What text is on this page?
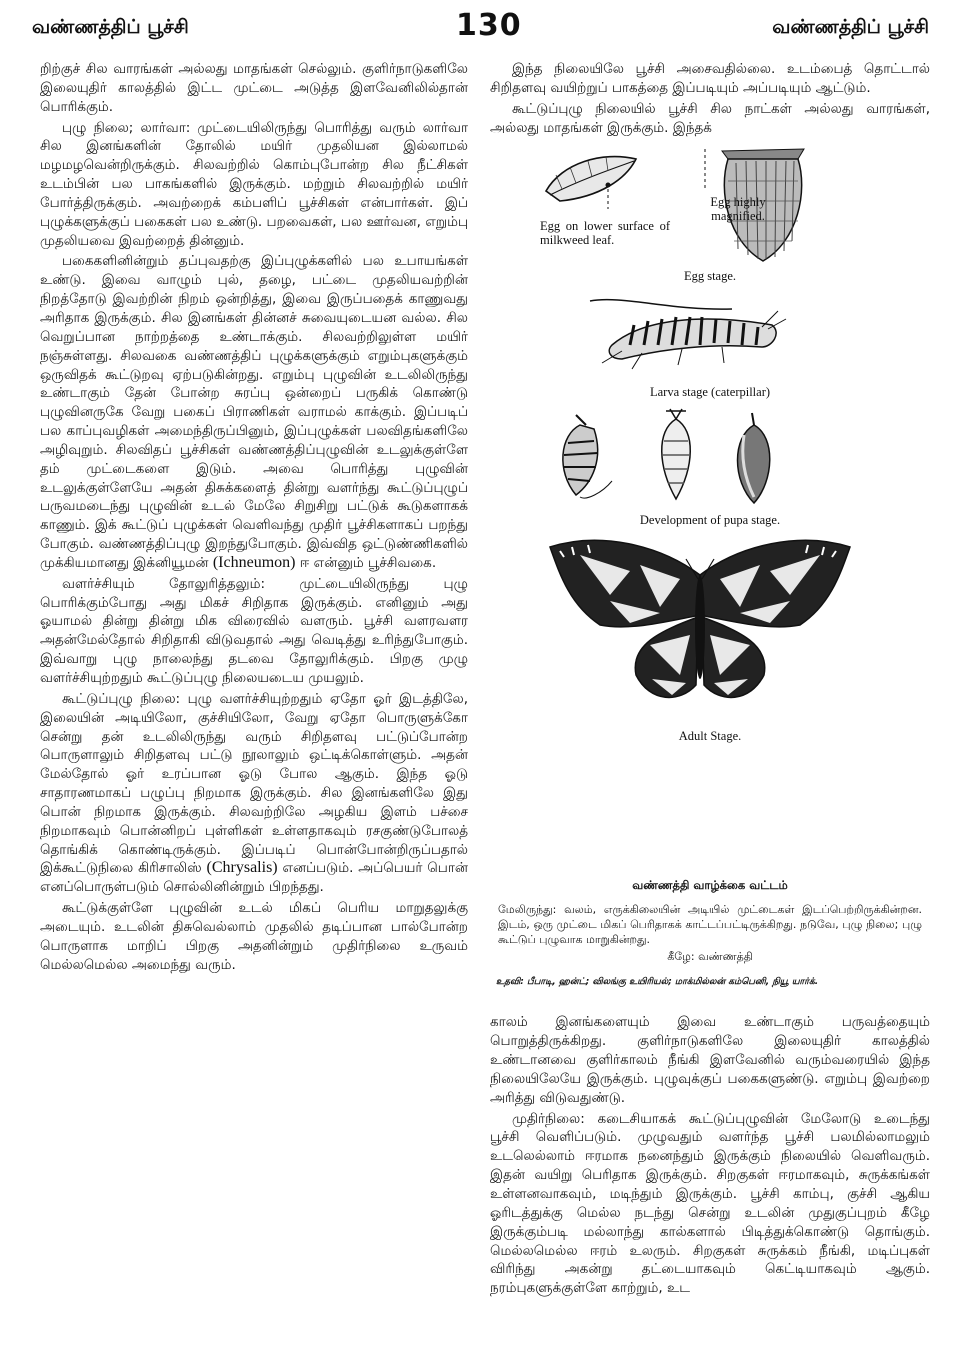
வண்ணத்திப் பூச்சி	130	வண்ணத்திப் பூச்சி

றிற்குச் சில வாரங்கள் அல்லது மாதங்கள் செல்லும். குளிர்நாடுகளிலே இலையுதிர் காலத்தில் இட்ட முட்டை அடுத்த இளவேனிலில்தான் பொரிக்கும்.

புழு நிலை; லார்வா: முட்டையிலிருந்து பொரித்து வரும் லார்வா சில இனங்களின் தோலில் மயிர் முதலியன இல்லாமல் மழமழவென்றிருக்கும். சிலவற்றில் கொம்புபோன்ற சில நீட்சிகள் உடம்பின் பல பாகங்களில் இருக்கும். மற்றும் சிலவற்றில் மயிர் போர்த்திருக்கும். அவற்றைக் கம்பளிப் பூச்சிகள் என்பார்கள். இப் புழுக்களுக்குப் பகைகள் பல உண்டு. பறவைகள், பல ஊர்வன, எறும்பு முதலியவை இவற்றைத் தின்னும்.

பகைகளினின்றும் தப்புவதற்கு இப்புழுக்களில் பல உபாயங்கள் உண்டு. இவை வாழும் புல், தழை, பட்டை முதலியவற்றின் நிறத்தோடு இவற்றின் நிறம் ஒன்றித்து, இவை இருப்பதைக் காணுவது அரிதாக இருக்கும். சில இனங்கள் தின்னச் சுவையுடையன வல்ல. சில வெறுப்பான நாற்றத்தை உண்டாக்கும். சிலவற்றிலுள்ள மயிர் நஞ்சுள்ளது. சிலவகை வண்ணத்திப் புழுக்களுக்கும் எறும்புகளுக்கும் ஒருவிதக் கூட்டுறவு ஏற்படுகின்றது. எறும்பு புழுவின் உடலிலிருந்து உண்டாகும் தேன் போன்ற சுரப்பு ஒன்றைப் பருகிக் கொண்டு புழுவினருகே வேறு பகைப் பிராணிகள் வராமல் காக்கும். இப்படிப் பல காப்புவழிகள் அமைந்திருப்பினும், இப்புழுக்கள் பலவிதங்களிலே அழிவுறும். சிலவிதப் பூச்சிகள் வண்ணத்திப்புழுவின் உடலுக்குள்ளே தம் முட்டைகளை இடும். அவை பொரித்து புழுவின் உடலுக்குள்ளேயே அதன் திசுக்களைத் தின்று வளர்ந்து கூட்டுப்புழுப் பருவமடைந்து புழுவின் உடல் மேலே சிறுசிறு பட்டுக் கூடுகளாகக் காணும். இக் கூட்டுப் புழுக்கள் வெளிவந்து முதிர் பூச்சிகளாகப் பறந்து போகும். வண்ணத்திப்புழு இறந்துபோகும். இவ்வித ஒட்டுண்ணிகளில் முக்கியமானது இக்னியூமன் (Ichneumon) ஈ என்னும் பூச்சிவகை.

வளர்ச்சியும் தோலுரித்தலும்: முட்டையிலிருந்து புழு பொரிக்கும்போது அது மிகச் சிறிதாக இருக்கும். எனினும் அது ஓயாமல் தின்று தின்று மிக விரைவில் வளரும். பூச்சி வளரவளர அதன்மேல்தோல் சிறிதாகி விடுவதால் அது வெடித்து உரிந்துபோகும். இவ்வாறு புழு நாலைந்து தடவை தோலுரிக்கும். பிறகு முழு வளர்ச்சியுற்றதும் கூட்டுப்புழு நிலையடைய முயலும்.

கூட்டுப்புழு நிலை: புழு வளர்ச்சியுற்றதும் ஏதோ ஓர் இடத்திலே, இலையின் அடியிலோ, குச்சியிலோ, வேறு ஏதோ பொருளுக்கோ சென்று தன் உடலிலிருந்து வரும் சிறிதளவு பட்டுப்போன்ற பொருளாலும் சிறிதளவு பட்டு நூலாலும் ஒட்டிக்கொள்ளும். அதன் மேல்தோல் ஓர் உரப்பான ஓடு போல ஆகும். இந்த ஓடு சாதாரணமாகப் பழுப்பு நிறமாக இருக்கும். சில இனங்களிலே இது பொன் நிறமாக இருக்கும். சிலவற்றிலே அழகிய இளம் பச்சை நிறமாகவும் பொன்னிறப் புள்ளிகள் உள்ளதாகவும் ரசகுண்டுபோலத் தொங்கிக் கொண்டிருக்கும். இப்படிப் பொன்போன்றிருப்பதால் இக்கூட்டுநிலை கிரிசாலிஸ் (Chrysalis) எனப்படும். அப்பெயர் பொன் எனப்பொருள்படும் சொல்லினின்றும் பிறந்தது.

கூட்டுக்குள்ளே புழுவின் உடல் மிகப் பெரிய மாறுதலுக்கு அடையும். உடலின் திசுவெல்லாம் முதலில் தடிப்பான பால்போன்ற பொருளாக மாறிப் பிறகு அதனின்றும் முதிர்நிலை உருவம் மெல்லமெல்ல அமைந்து வரும்.

இந்த நிலையிலே பூச்சி அசைவதில்லை. உடம்பைத் தொட்டால் சிறிதளவு வயிற்றுப் பாகத்தை இப்படியும் அப்படியும் ஆட்டும்.

கூட்டுப்புழு நிலையில் பூச்சி சில நாட்கள் அல்லது வாரங்கள், அல்லது மாதங்கள் இருக்கும். இந்தக்

Egg on lower surface of milkweed leaf.
Egg highly magnified.
Egg stage.
Larva stage (caterpillar)
Development of pupa stage.
Adult Stage.
வண்ணத்தி வாழ்க்கை வட்டம்
மேலிருந்து: வலம், எருக்கிலையின் அடியில் முட்டைகள் இடப்பெற்றிருக்கின்றன. இடம், ஒரு முட்டை மிகப் பெரிதாகக் காட்டப்பட்டிருக்கிறது. நடுவே, புழு நிலை; புழு கூட்டுப் புழுவாக மாறுகின்றது.
கீழே: வண்ணத்தி
உதவி: பீபாடி, ஹன்ட்; விலங்கு உயிரியல்; மாக்மில்லன் கம்பெனி, நியூ யார்க்.

காலம் இனங்களையும் இவை உண்டாகும் பருவத்தையும் பொறுத்திருக்கிறது. குளிர்நாடுகளிலே இலையுதிர் காலத்தில் உண்டானவை குளிர்காலம் நீங்கி இளவேனில் வரும்வரையில் இந்த நிலையிலேயே இருக்கும். புழுவுக்குப் பகைகளுண்டு. எறும்பு இவற்றை அரித்து விடுவதுண்டு.

முதிர்நிலை: கடைசியாகக் கூட்டுப்புழுவின் மேலோடு உடைந்து பூச்சி வெளிப்படும். முழுவதும் வளர்ந்த பூச்சி பலமில்லாமலும் உடலெல்லாம் ஈரமாக நனைந்தும் இருக்கும் நிலையில் வெளிவரும். இதன் வயிறு பெரிதாக இருக்கும். சிறகுகள் ஈரமாகவும், சுருக்கங்கள் உள்ளனவாகவும், மடிந்தும் இருக்கும். பூச்சி காம்பு, குச்சி ஆகிய ஓரிடத்துக்கு மெல்ல நடந்து சென்று உடலின் முதுகுப்புறம் கீழே இருக்கும்படி மல்லாந்து கால்களால் பிடித்துக்கொண்டு தொங்கும். மெல்லமெல்ல ஈரம் உலரும். சிறகுகள் சுருக்கம் நீங்கி, மடிப்புகள் விரிந்து அகன்று தட்டையாகவும் கெட்டியாகவும் ஆகும். நரம்புகளுக்குள்ளே காற்றும், உட
